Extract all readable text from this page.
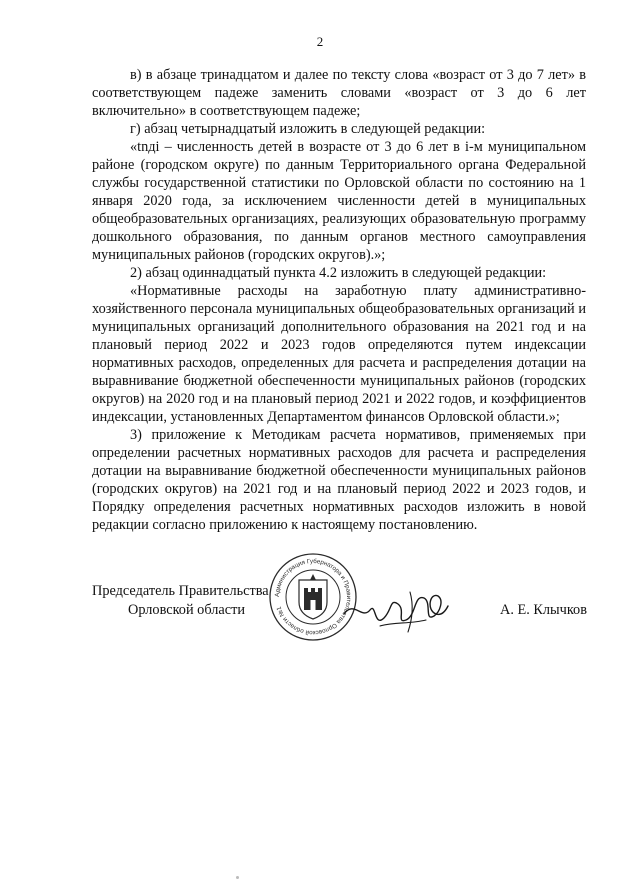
2

в) в абзаце тринадцатом и далее по тексту слова «возраст от 3 до 7 лет» в соответствующем падеже заменить словами «возраст от 3 до 6 лет включительно» в соответствующем падеже;

г) абзац четырнадцатый изложить в следующей редакции:

«tnдi – численность детей в возрасте от 3 до 6 лет в i-м муниципальном районе (городском округе) по данным Территориального органа Федеральной службы государственной статистики по Орловской области по состоянию на 1 января 2020 года, за исключением численности детей в муниципальных общеобразовательных организациях, реализующих образовательную программу дошкольного образования, по данным органов местного самоуправления муниципальных районов (городских округов).»;

2) абзац одиннадцатый пункта 4.2 изложить в следующей редакции:

«Нормативные расходы на заработную плату административно-хозяйственного персонала муниципальных общеобразовательных организаций и муниципальных организаций дополнительного образования на 2021 год и на плановый период 2022 и 2023 годов определяются путем индексации нормативных расходов, определенных для расчета и распределения дотации на выравнивание бюджетной обеспеченности муниципальных районов (городских округов) на 2020 год и на плановый период 2021 и 2022 годов, и коэффициентов индексации, установленных Департаментом финансов Орловской области.»;

3) приложение к Методикам расчета нормативов, применяемых при определении расчетных нормативных расходов для расчета и распределения дотации на выравнивание бюджетной обеспеченности муниципальных районов (городских округов) на 2021 год и на плановый период 2022 и 2023 годов, и Порядку определения расчетных нормативных расходов изложить в новой редакции согласно приложению к настоящему постановлению.

Председатель Правительства
Орловской области	А. Е. Клычков
Администрация Губернатора и Правительства Орловской области №1
